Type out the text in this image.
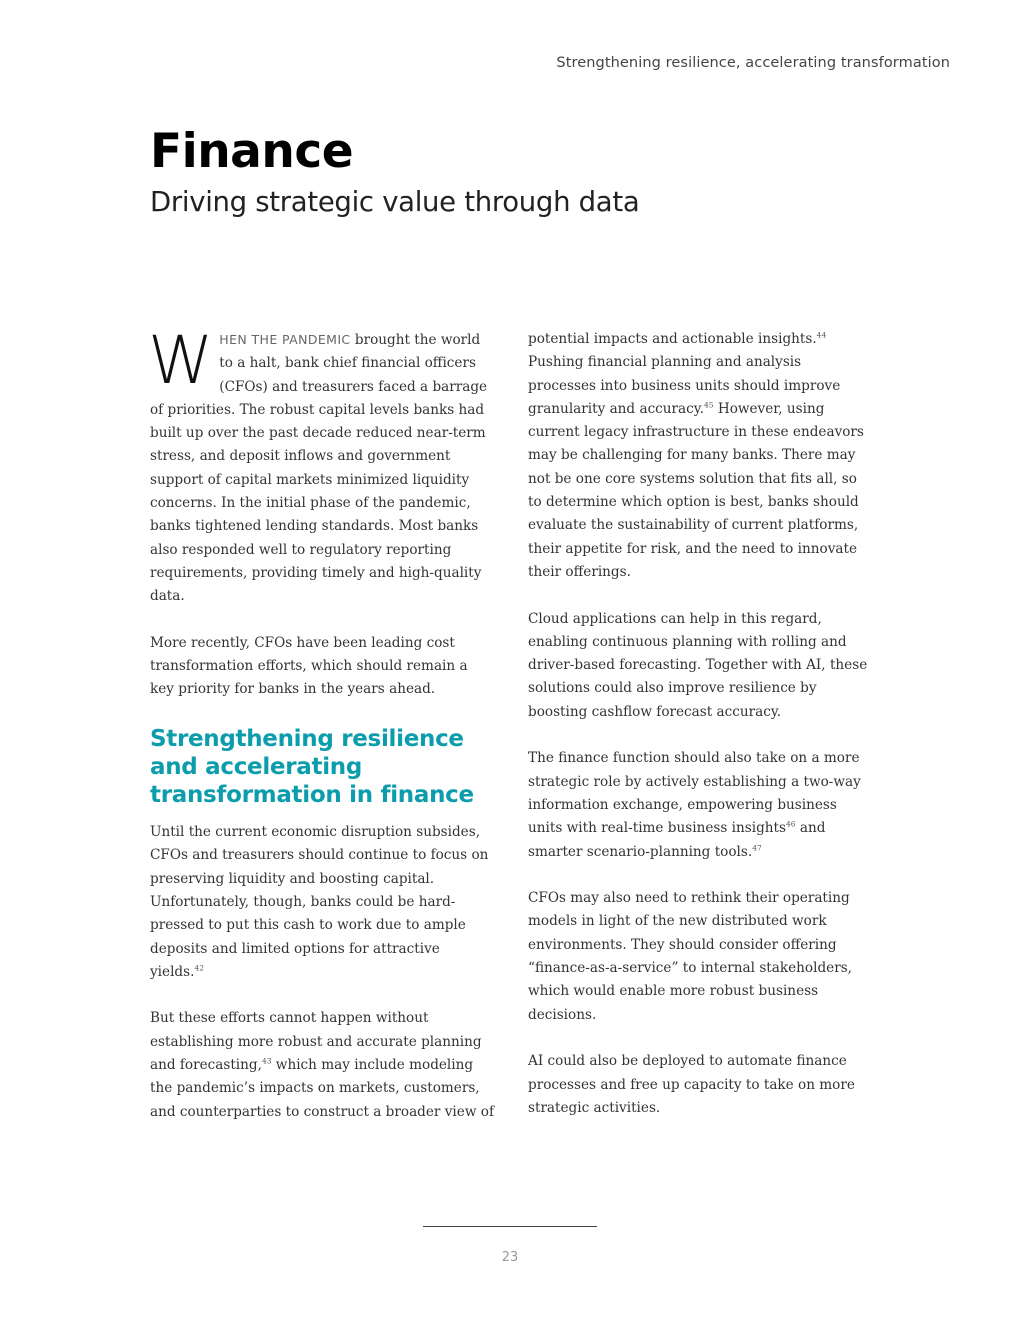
Strengthening resilience, accelerating transformation
Finance
Driving strategic value through data

WHEN THE PANDEMIC brought the world to a halt, bank chief financial officers (CFOs) and treasurers faced a barrage of priorities. The robust capital levels banks had built up over the past decade reduced near-term stress, and deposit inflows and government support of capital markets minimized liquidity concerns. In the initial phase of the pandemic, banks tightened lending standards. Most banks also responded well to regulatory reporting requirements, providing timely and high-quality data.

More recently, CFOs have been leading cost transformation efforts, which should remain a key priority for banks in the years ahead.

Strengthening resilience and accelerating transformation in finance

Until the current economic disruption subsides, CFOs and treasurers should continue to focus on preserving liquidity and boosting capital. Unfortunately, though, banks could be hard-pressed to put this cash to work due to ample deposits and limited options for attractive yields.$^{42}$

But these efforts cannot happen without establishing more robust and accurate planning and forecasting,$^{43}$ which may include modeling the pandemic’s impacts on markets, customers, and counterparties to construct a broader view of

potential impacts and actionable insights.$^{44}$ Pushing financial planning and analysis processes into business units should improve granularity and accuracy.$^{45}$ However, using current legacy infrastructure in these endeavors may be challenging for many banks. There may not be one core systems solution that fits all, so to determine which option is best, banks should evaluate the sustainability of current platforms, their appetite for risk, and the need to innovate their offerings.

Cloud applications can help in this regard, enabling continuous planning with rolling and driver-based forecasting. Together with AI, these solutions could also improve resilience by boosting cashflow forecast accuracy.

The finance function should also take on a more strategic role by actively establishing a two-way information exchange, empowering business units with real-time business insights$^{46}$ and smarter scenario-planning tools.$^{47}$

CFOs may also need to rethink their operating models in light of the new distributed work environments. They should consider offering “finance-as-a-service” to internal stakeholders, which would enable more robust business decisions.

AI could also be deployed to automate finance processes and free up capacity to take on more strategic activities.

23
